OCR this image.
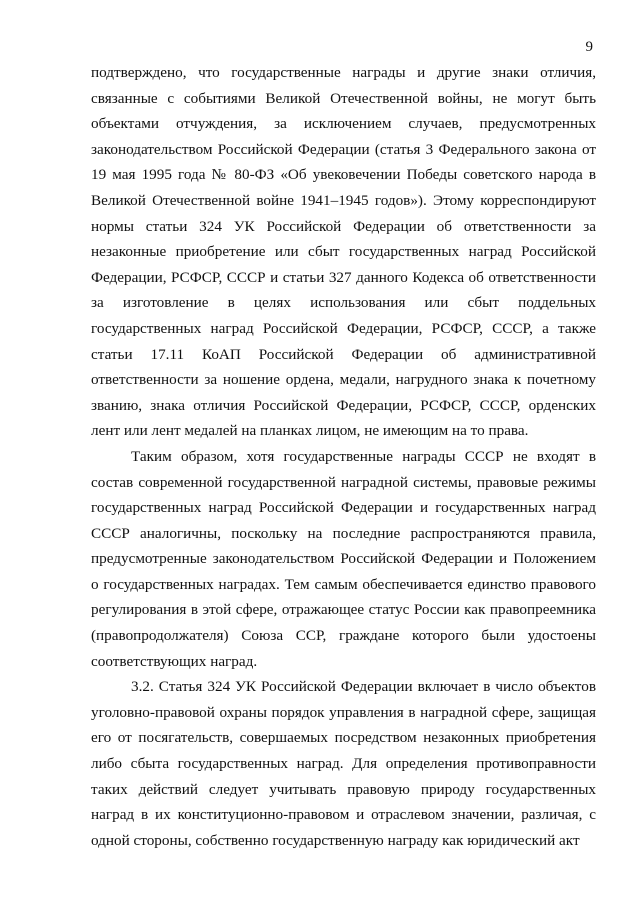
9

подтверждено, что государственные награды и другие знаки отличия, связанные с событиями Великой Отечественной войны, не могут быть объектами отчуждения, за исключением случаев, предусмотренных законодательством Российской Федерации (статья 3 Федерального закона от 19 мая 1995 года № 80-ФЗ «Об увековечении Победы советского народа в Великой Отечественной войне 1941–1945 годов»). Этому корреспондируют нормы статьи 324 УК Российской Федерации об ответственности за незаконные приобретение или сбыт государственных наград Российской Федерации, РСФСР, СССР и статьи 327 данного Кодекса об ответственности за изготовление в целях использования или сбыт поддельных государственных наград Российской Федерации, РСФСР, СССР, а также статьи 17.11 КоАП Российской Федерации об административной ответственности за ношение ордена, медали, нагрудного знака к почетному званию, знака отличия Российской Федерации, РСФСР, СССР, орденских лент или лент медалей на планках лицом, не имеющим на то права.

Таким образом, хотя государственные награды СССР не входят в состав современной государственной наградной системы, правовые режимы государственных наград Российской Федерации и государственных наград СССР аналогичны, поскольку на последние распространяются правила, предусмотренные законодательством Российской Федерации и Положением о государственных наградах. Тем самым обеспечивается единство правового регулирования в этой сфере, отражающее статус России как правопреемника (правопродолжателя) Союза ССР, граждане которого были удостоены соответствующих наград.

3.2. Статья 324 УК Российской Федерации включает в число объектов уголовно-правовой охраны порядок управления в наградной сфере, защищая его от посягательств, совершаемых посредством незаконных приобретения либо сбыта государственных наград. Для определения противоправности таких действий следует учитывать правовую природу государственных наград в их конституционно-правовом и отраслевом значении, различая, с одной стороны, собственно государственную награду как юридический акт
